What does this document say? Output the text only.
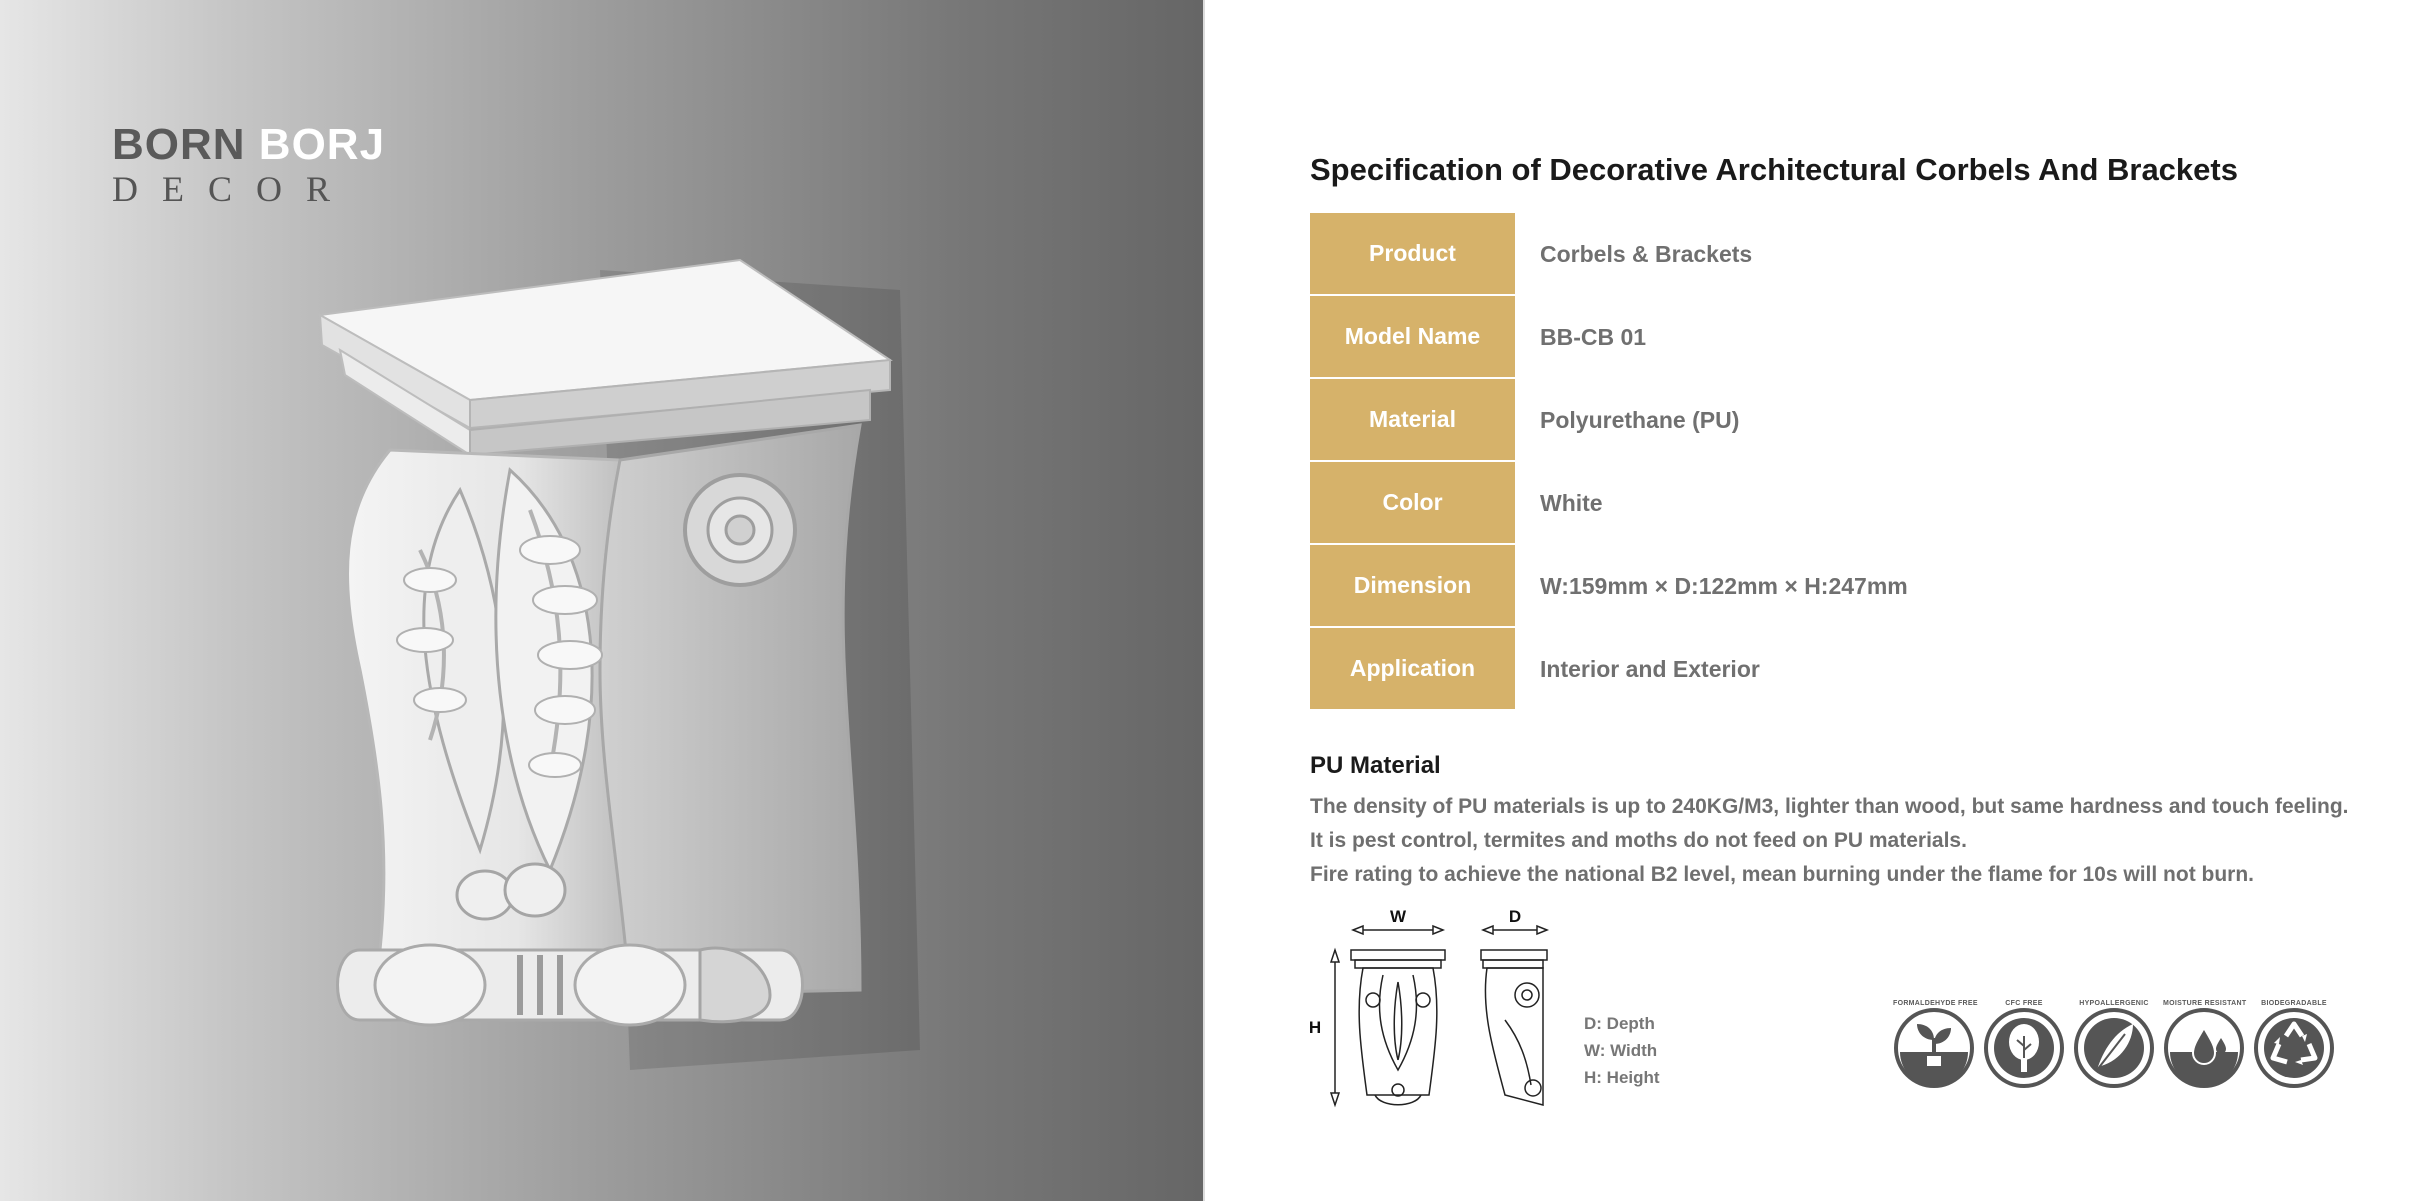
BORN BORJ
DECOR	Specification of Decorative Architectural Corbels And Brackets
Product	Corbels & Brackets
Model Name	BB-CB 01
Material	Polyurethane (PU)
Color	White
Dimension	W:159mm × D:122mm × H:247mm
Application	Interior and Exterior
PU Material
The density of PU materials is up to 240KG/M3, lighter than wood, but same hardness and touch feeling.
It is pest control, termites and moths do not feed on PU materials.
Fire rating to achieve the national B2 level, mean burning under the flame for 10s will not burn.
W	D
H	D: Depth
W: Width
H: Height
FORMALDEHYDE FREE	CFC FREE	HYPOALLERGENIC	MOISTURE RESISTANT	BIODEGRADABLE
